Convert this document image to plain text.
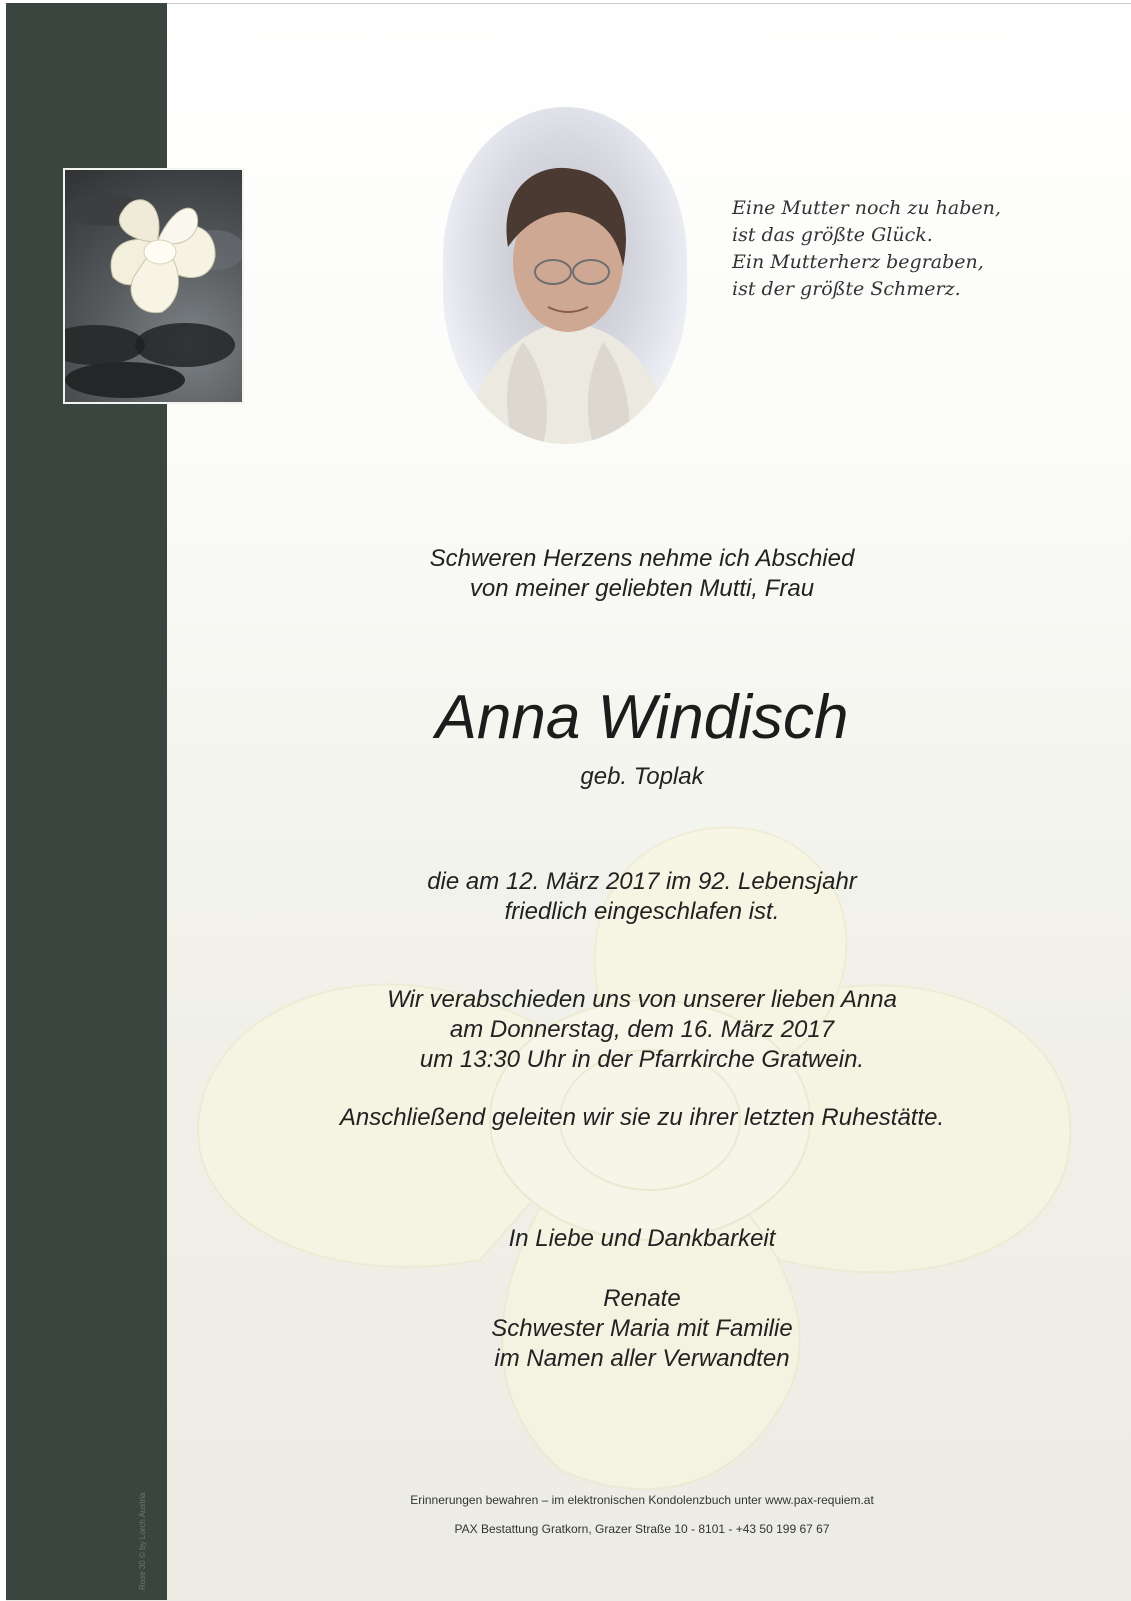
Rose 30 © by Lorch Austria
Eine Mutter noch zu haben,
ist das größte Glück.
Ein Mutterherz begraben,
ist der größte Schmerz.
Schweren Herzens nehme ich Abschied
von meiner geliebten Mutti, Frau
Anna Windisch
geb. Toplak
die am 12. März 2017 im 92. Lebensjahr
friedlich eingeschlafen ist.
Wir verabschieden uns von unserer lieben Anna
am Donnerstag, dem 16. März 2017
um 13:30 Uhr in der Pfarrkirche Gratwein.
Anschließend geleiten wir sie zu ihrer letzten Ruhestätte.
In Liebe und Dankbarkeit
Renate
Schwester Maria mit Familie
im Namen aller Verwandten
Erinnerungen bewahren – im elektronischen Kondolenzbuch unter www.pax-requiem.at
PAX Bestattung Gratkorn, Grazer Straße 10 - 8101 - +43 50 199 67 67
